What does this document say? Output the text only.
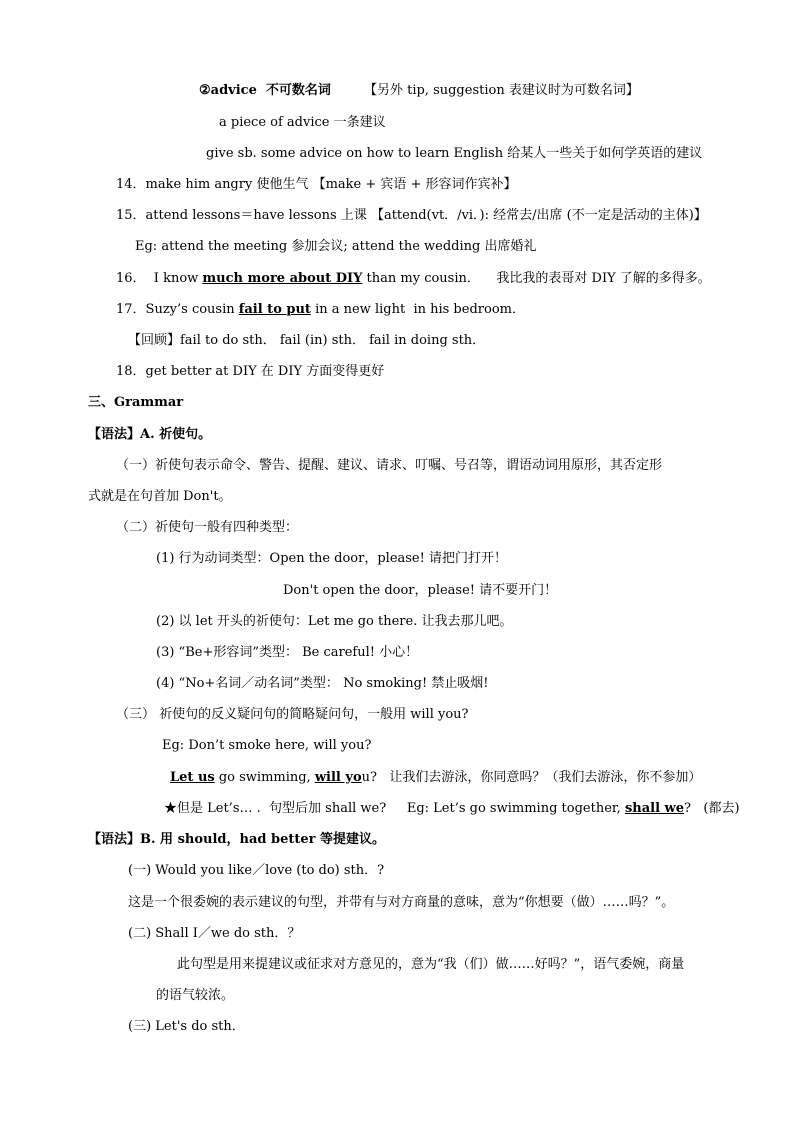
②advice  不可数名词	【另外 tip, suggestion 表建议时为可数名词】
a piece of advice 一条建议
give sb. some advice on how to learn English 给某人一些关于如何学英语的建议
14．make him angry 使他生气 【make + 宾语 + 形容词作宾补】
15．attend lessons＝have lessons 上课 【attend(vt．/vi．): 经常去/出席 (不一定是活动的主体)】
Eg: attend the meeting 参加会议; attend the wedding 出席婚礼
16．  I know much more about DIY than my cousin．    我比我的表哥对 DIY 了解的多得多。
17．Suzy’s cousin fail to put in a new light  in his bedroom．
【回顾】fail to do sth． fail (in) sth． fail in doing sth．
18．get better at DIY 在 DIY 方面变得更好
三、Grammar
【语法】A. 祈使句。
（一）祈使句表示命令、警告、提醒、建议、请求、叮嘱、号召等，谓语动词用原形，其否定形
式就是在句首加 Don't。
（二）祈使句一般有四种类型：
(1) 行为动词类型：Open the door，please! 请把门打开！
Don't open the door，please! 请不要开门！
(2) 以 let 开头的祈使句：Let me go there. 让我去那儿吧。
(3) “Be+形容词”类型： Be careful! 小心！
(4) “No+名词／动名词”类型： No smoking! 禁止吸烟!
（三） 祈使句的反义疑问句的简略疑问句，一般用 will you?
Eg: Don’t smoke here, will you?
Let us go swimming, will you?   让我们去游泳，你同意吗？（我们去游泳，你不参加）
★但是 Let’s… .  句型后加 shall we?     Eg: Let’s go swimming together, shall we?   (都去)
【语法】B. 用 should，had better 等提建议。
(一) Would you like／love (to do) sth．?
这是一个很委婉的表示建议的句型，并带有与对方商量的意味，意为“你想要（做）……吗？”。
(二) Shall I／we do sth．？
此句型是用来提建议或征求对方意见的，意为“我（们）做……好吗？”，语气委婉，商量
的语气较浓。
(三) Let's do sth．
